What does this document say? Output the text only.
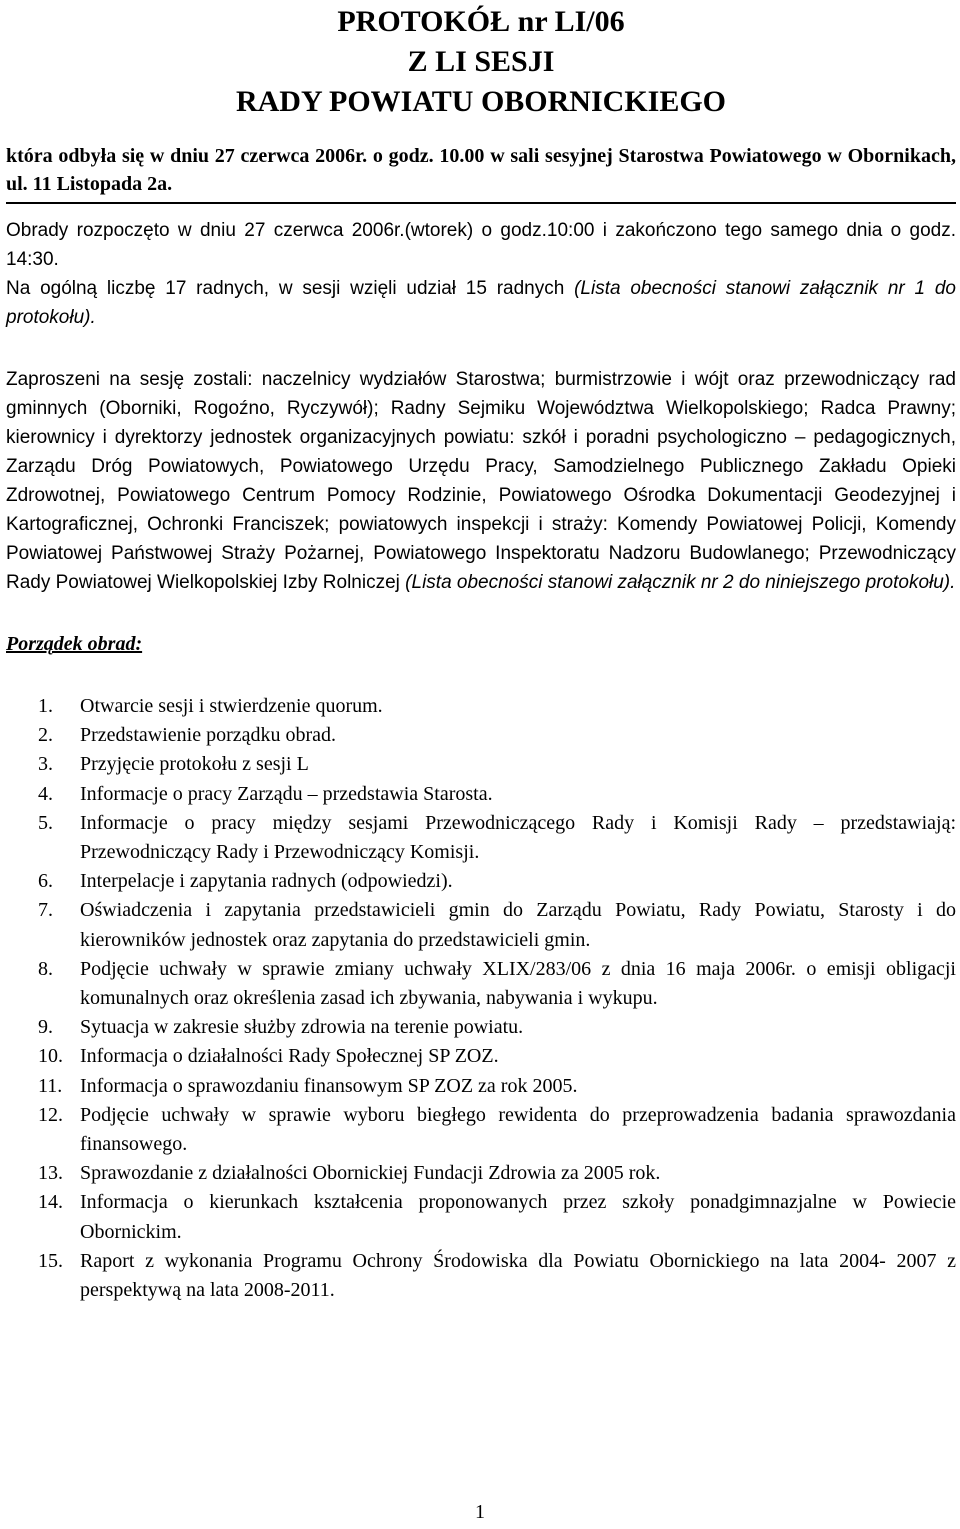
PROTOKÓŁ nr LI/06
Z LI SESJI
RADY POWIATU OBORNICKIEGO
która odbyła się w dniu 27 czerwca 2006r. o godz. 10.00 w sali sesyjnej Starostwa Powiatowego w Obornikach, ul. 11 Listopada 2a.
Obrady rozpoczęto w dniu 27 czerwca 2006r.(wtorek) o godz.10:00 i zakończono tego samego dnia o godz. 14:30.
Na ogólną liczbę 17 radnych, w sesji wzięli udział 15 radnych (Lista obecności stanowi załącznik nr 1 do protokołu).
Zaproszeni na sesję zostali: naczelnicy wydziałów Starostwa; burmistrzowie i wójt oraz przewodniczący rad gminnych (Oborniki, Rogoźno, Ryczywół); Radny Sejmiku Województwa Wielkopolskiego; Radca Prawny; kierownicy i dyrektorzy jednostek organizacyjnych powiatu: szkół i poradni psychologiczno – pedagogicznych, Zarządu Dróg Powiatowych, Powiatowego Urzędu Pracy, Samodzielnego Publicznego Zakładu Opieki Zdrowotnej, Powiatowego Centrum Pomocy Rodzinie, Powiatowego Ośrodka Dokumentacji Geodezyjnej i Kartograficznej, Ochronki Franciszek; powiatowych inspekcji i straży: Komendy Powiatowej Policji, Komendy Powiatowej Państwowej Straży Pożarnej, Powiatowego Inspektoratu Nadzoru Budowlanego; Przewodniczący Rady Powiatowej Wielkopolskiej Izby Rolniczej (Lista obecności stanowi załącznik nr 2 do niniejszego protokołu).
Porządek obrad:
1.	Otwarcie sesji i stwierdzenie quorum.
2.	Przedstawienie porządku obrad.
3.	Przyjęcie protokołu z sesji L
4.	Informacje o pracy Zarządu – przedstawia Starosta.
5.	Informacje o pracy między sesjami Przewodniczącego Rady i Komisji Rady – przedstawiają: Przewodniczący Rady i Przewodniczący Komisji.
6.	Interpelacje i zapytania radnych (odpowiedzi).
7.	Oświadczenia i zapytania przedstawicieli gmin do Zarządu Powiatu, Rady Powiatu, Starosty i do kierowników jednostek oraz zapytania do przedstawicieli gmin.
8.	Podjęcie uchwały w sprawie zmiany uchwały XLIX/283/06 z dnia 16 maja 2006r. o emisji obligacji komunalnych oraz określenia zasad ich zbywania, nabywania i wykupu.
9.	Sytuacja w zakresie służby zdrowia na terenie powiatu.
10. Informacja o działalności Rady Społecznej SP ZOZ.
11. Informacja o sprawozdaniu finansowym SP ZOZ za rok 2005.
12. Podjęcie uchwały w sprawie wyboru biegłego rewidenta do przeprowadzenia badania sprawozdania finansowego.
13. Sprawozdanie z działalności Obornickiej Fundacji Zdrowia za 2005 rok.
14. Informacja o kierunkach kształcenia proponowanych przez szkoły ponadgimnazjalne w Powiecie Obornickim.
15. Raport z wykonania Programu Ochrony Środowiska dla Powiatu Obornickiego na lata 2004- 2007 z perspektywą na lata 2008-2011.
1
